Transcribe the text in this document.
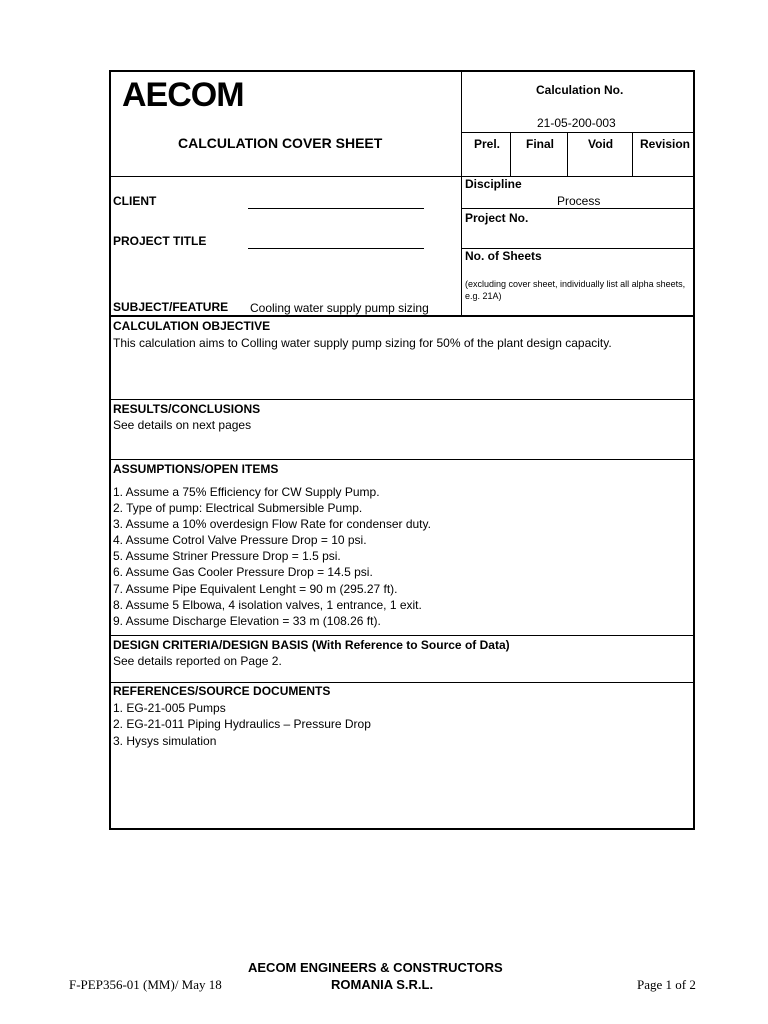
AECOM
CALCULATION COVER SHEET
Calculation No.
21-05-200-003
Prel. Final	Void Revision
CLIENT
PROJECT TITLE
SUBJECT/FEATURE Cooling water supply pump sizing
Discipline
Process
Project No.
No. of Sheets
(excluding cover sheet, individually list all alpha sheets,
e.g. 21A)
CALCULATION OBJECTIVE
This calculation aims to Colling water supply pump sizing for 50% of the plant design capacity.
RESULTS/CONCLUSIONS
See details on next pages
ASSUMPTIONS/OPEN ITEMS
1. Assume a 75% Efficiency for CW Supply Pump.
2. Type of pump: Electrical Submersible Pump.
3. Assume a 10% overdesign Flow Rate for condenser duty.
4. Assume Cotrol Valve Pressure Drop = 10 psi.
5. Assume Striner Pressure Drop = 1.5 psi.
6. Assume Gas Cooler Pressure Drop = 14.5 psi.
7. Assume Pipe Equivalent Lenght = 90 m (295.27 ft).
8. Assume 5 Elbowa, 4 isolation valves, 1 entrance, 1 exit.
9. Assume Discharge Elevation = 33 m (108.26 ft).
DESIGN CRITERIA/DESIGN BASIS (With Reference to Source of Data)
See details reported on Page 2.
REFERENCES/SOURCE DOCUMENTS
1. EG-21-005 Pumps
2. EG-21-011 Piping Hydraulics – Pressure Drop
3. Hysys simulation
F-PEP356-01 (MM)/ May 18
AECOM ENGINEERS & CONSTRUCTORS
ROMANIA S.R.L.	Page 1 of 2
